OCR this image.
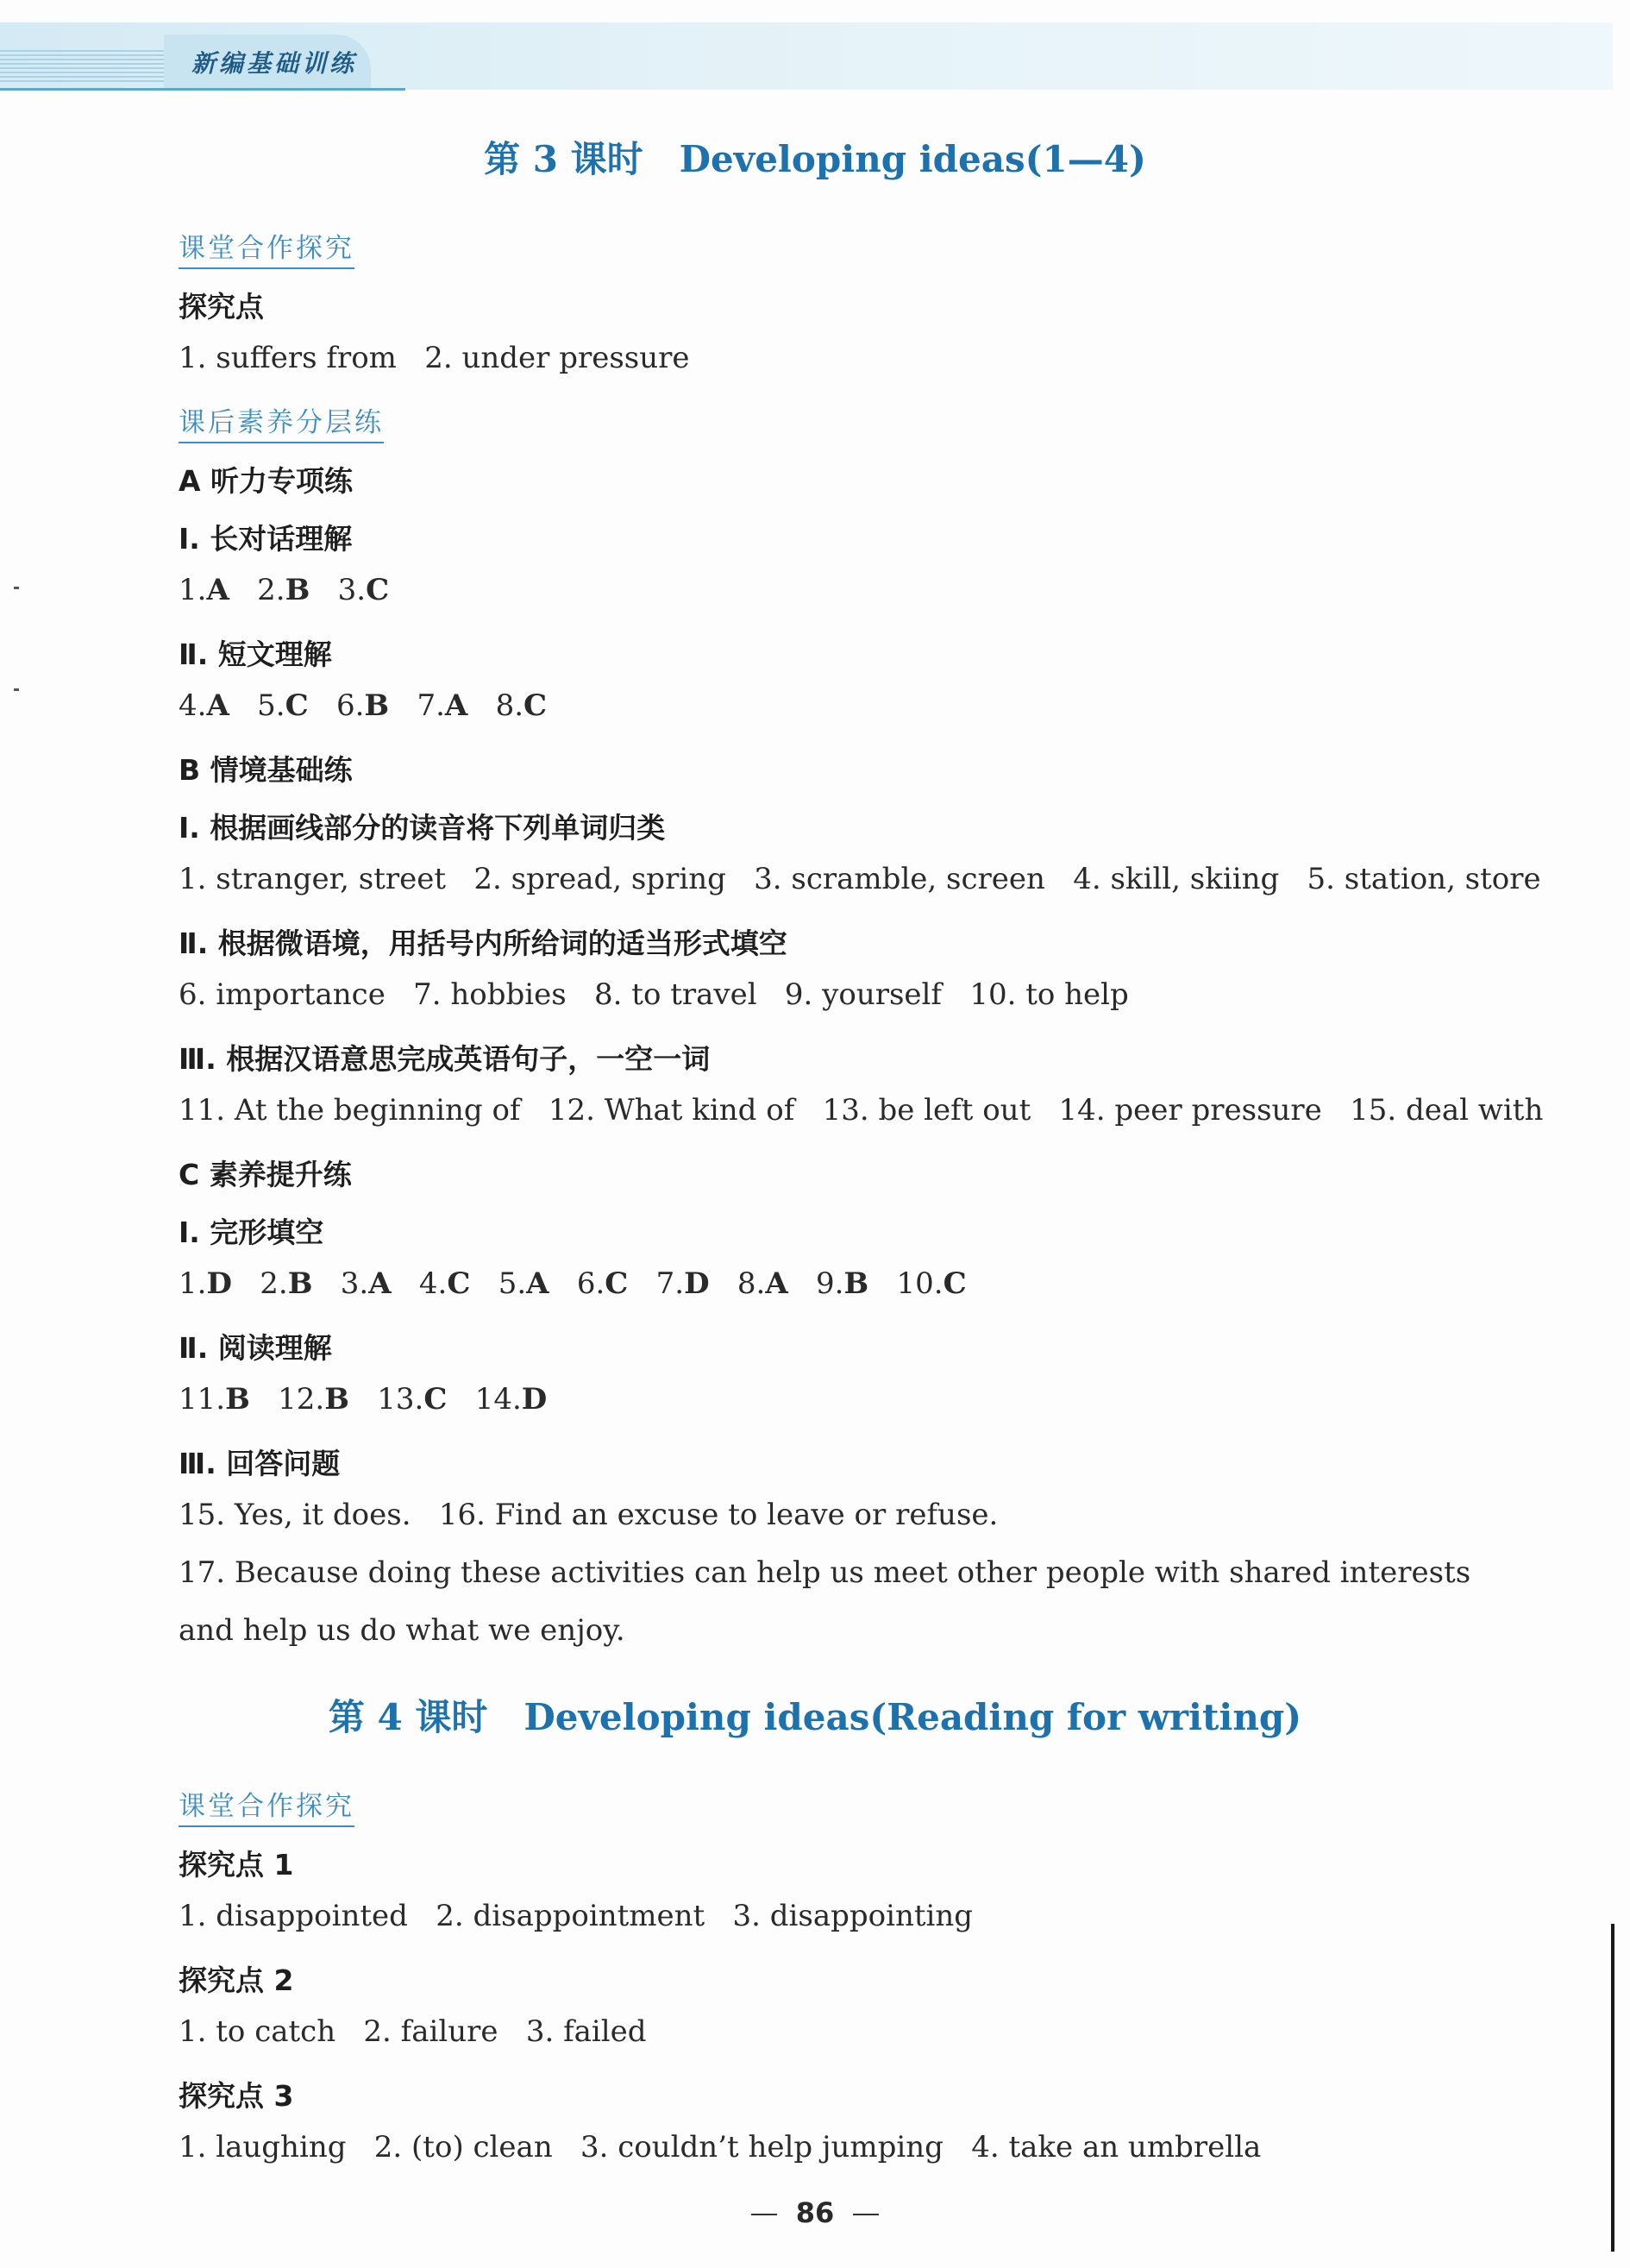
新编基础训练
第 3 课时　Developing ideas(1—4)
课堂合作探究
探究点
1. suffers from 2. under pressure
课后素养分层练
A 听力专项练
Ⅰ. 长对话理解
1.A 2.B 3.C
Ⅱ. 短文理解
4.A 5.C 6.B 7.A 8.C
B 情境基础练
Ⅰ. 根据画线部分的读音将下列单词归类
1. stranger, street 2. spread, spring 3. scramble, screen 4. skill, skiing 5. station, store
Ⅱ. 根据微语境，用括号内所给词的适当形式填空
6. importance 7. hobbies 8. to travel 9. yourself 10. to help
Ⅲ. 根据汉语意思完成英语句子，一空一词
11. At the beginning of 12. What kind of 13. be left out 14. peer pressure 15. deal with
C 素养提升练
Ⅰ. 完形填空
1.D 2.B 3.A 4.C 5.A 6.C 7.D 8.A 9.B 10.C
Ⅱ. 阅读理解
11.B 12.B 13.C 14.D
Ⅲ. 回答问题
15. Yes, it does. 16. Find an excuse to leave or refuse.17. Because doing these activities can help us meet other people with shared interests and help us do what we enjoy.
第 4 课时　Developing ideas(Reading for writing)
课堂合作探究
探究点 1
1. disappointed 2. disappointment 3. disappointing
探究点 2
1. to catch 2. failure 3. failed
探究点 3
1. laughing 2. (to) clean 3. couldn’t help jumping 4. take an umbrella
86
